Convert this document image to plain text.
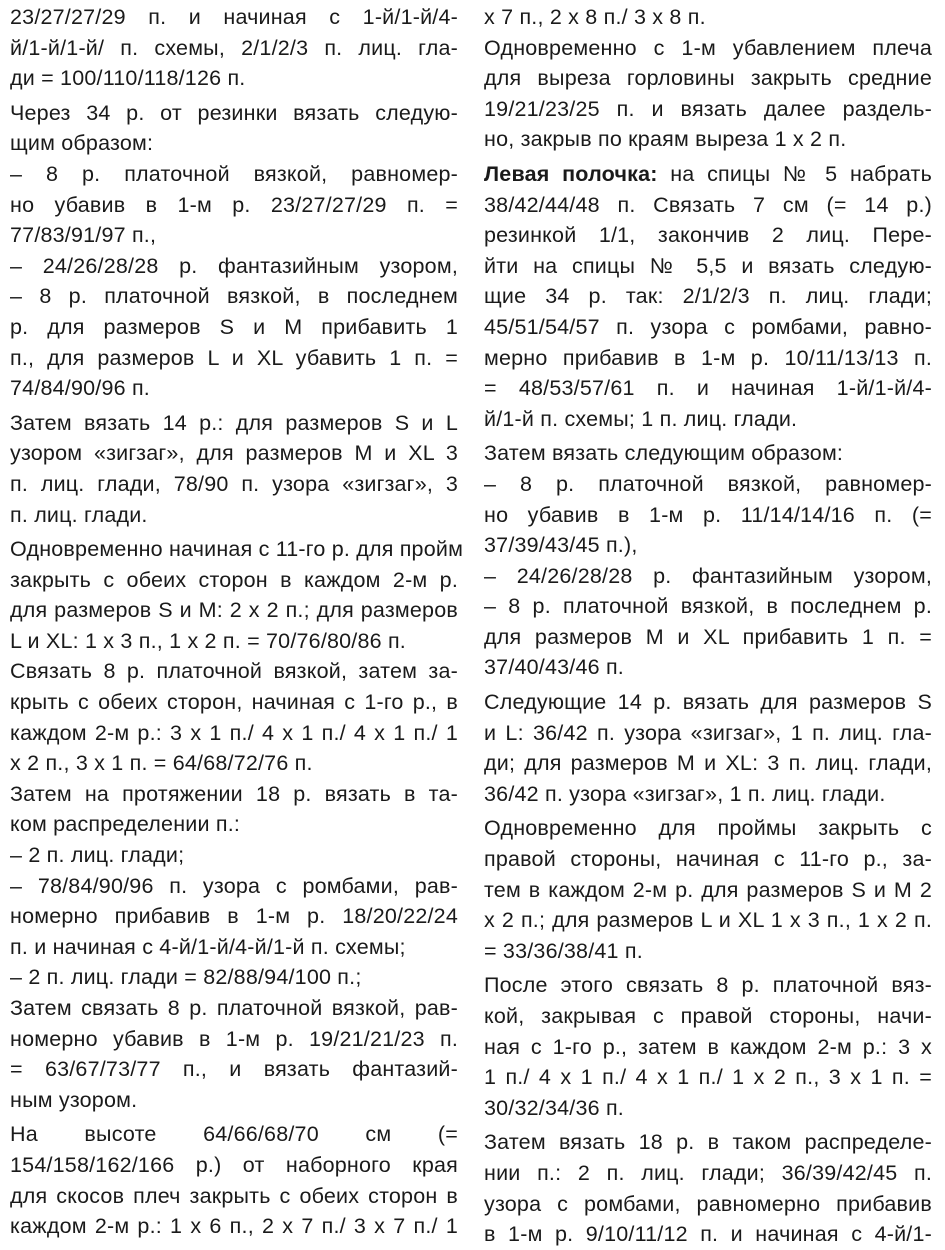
23/27/27/29 п. и начиная с 1-й/1-й/4-
й/1-й/1-й/ п. схемы, 2/1/2/3 п. лиц. гла-
ди = 100/110/118/126 п.
Через 34 р. от резинки вязать следую-
щим образом:
– 8 р. платочной вязкой, равномер-
но убавив в 1-м р. 23/27/27/29 п. =
77/83/91/97 п.,
– 24/26/28/28 р. фантазийным узором,
– 8 р. платочной вязкой, в последнем
р. для размеров S и M прибавить 1
п., для размеров L и XL убавить 1 п. =
74/84/90/96 п.
Затем вязать 14 р.: для размеров S и L
узором «зигзаг», для размеров M и XL 3
п. лиц. глади, 78/90 п. узора «зигзаг», 3
п. лиц. глади.
Одновременно начиная с 11-го р. для пройм
закрыть с обеих сторон в каждом 2-м р.
для размеров S и M: 2 x 2 п.; для размеров
L и XL: 1 x 3 п., 1 x 2 п. = 70/76/80/86 п.
Связать 8 р. платочной вязкой, затем за-
крыть с обеих сторон, начиная с 1-го р., в
каждом 2-м р.: 3 x 1 п./ 4 x 1 п./ 4 x 1 п./ 1
x 2 п., 3 x 1 п. = 64/68/72/76 п.
Затем на протяжении 18 р. вязать в та-
ком распределении п.:
– 2 п. лиц. глади;
– 78/84/90/96 п. узора с ромбами, рав-
номерно прибавив в 1-м р. 18/20/22/24
п. и начиная с 4-й/1-й/4-й/1-й п. схемы;
– 2 п. лиц. глади = 82/88/94/100 п.;
Затем связать 8 р. платочной вязкой, рав-
номерно убавив в 1-м р. 19/21/21/23 п.
= 63/67/73/77 п., и вязать фантазий-
ным узором.
На высоте 64/66/68/70 см (=
154/158/162/166 р.) от наборного края
для скосов плеч закрыть с обеих сторон в
каждом 2-м р.: 1 x 6 п., 2 x 7 п./ 3 x 7 п./ 1
x 7 п., 2 x 8 п./ 3 x 8 п.
Одновременно с 1-м убавлением плеча
для выреза горловины закрыть средние
19/21/23/25 п. и вязать далее раздель-
но, закрыв по краям выреза 1 x 2 п.
Левая полочка: на спицы № 5 набрать
38/42/44/48 п. Связать 7 см (= 14 р.)
резинкой 1/1, закончив 2 лиц. Пере-
йти на спицы № 5,5 и вязать следую-
щие 34 р. так: 2/1/2/3 п. лиц. глади;
45/51/54/57 п. узора с ромбами, равно-
мерно прибавив в 1-м р. 10/11/13/13 п.
= 48/53/57/61 п. и начиная 1-й/1-й/4-
й/1-й п. схемы; 1 п. лиц. глади.
Затем вязать следующим образом:
– 8 р. платочной вязкой, равномер-
но убавив в 1-м р. 11/14/14/16 п. (=
37/39/43/45 п.),
– 24/26/28/28 р. фантазийным узором,
– 8 р. платочной вязкой, в последнем р.
для размеров M и XL прибавить 1 п. =
37/40/43/46 п.
Следующие 14 р. вязать для размеров S
и L: 36/42 п. узора «зигзаг», 1 п. лиц. гла-
ди; для размеров M и XL: 3 п. лиц. глади,
36/42 п. узора «зигзаг», 1 п. лиц. глади.
Одновременно для проймы закрыть с
правой стороны, начиная с 11-го р., за-
тем в каждом 2-м р. для размеров S и M 2
x 2 п.; для размеров L и XL 1 x 3 п., 1 x 2 п.
= 33/36/38/41 п.
После этого связать 8 р. платочной вяз-
кой, закрывая с правой стороны, начи-
ная с 1-го р., затем в каждом 2-м р.: 3 x
1 п./ 4 x 1 п./ 4 x 1 п./ 1 x 2 п., 3 x 1 п. =
30/32/34/36 п.
Затем вязать 18 р. в таком распределе-
нии п.: 2 п. лиц. глади; 36/39/42/45 п.
узора с ромбами, равномерно прибавив
в 1-м р. 9/10/11/12 п. и начиная с 4-й/1-
